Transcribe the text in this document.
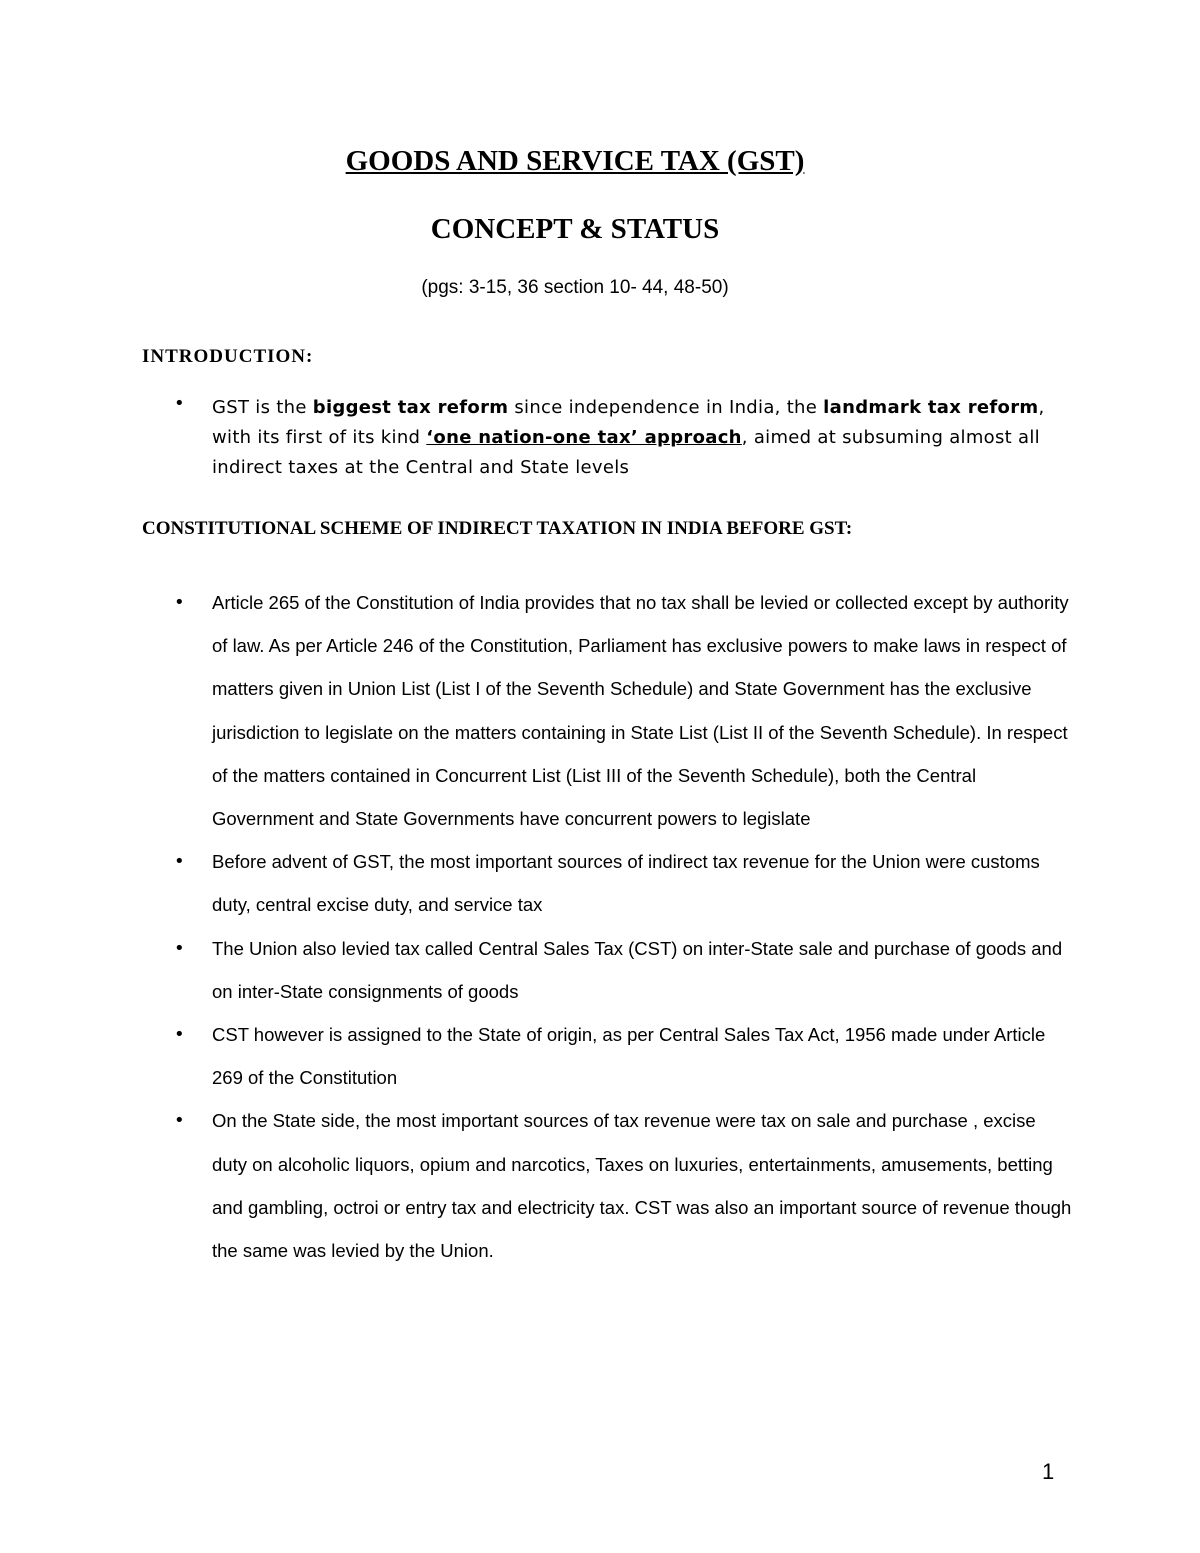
GOODS AND SERVICE TAX (GST)
CONCEPT & STATUS

(pgs: 3-15, 36 section 10- 44, 48-50)

INTRODUCTION:
• GST is the biggest tax reform since independence in India, the landmark tax reform, with its first of its kind ‘one nation-one tax’ approach, aimed at subsuming almost all indirect taxes at the Central and State levels

CONSTITUTIONAL SCHEME OF INDIRECT TAXATION IN INDIA BEFORE GST:
• Article 265 of the Constitution of India provides that no tax shall be levied or collected except by authority of law. As per Article 246 of the Constitution, Parliament has exclusive powers to make laws in respect of matters given in Union List (List I of the Seventh Schedule) and State Government has the exclusive jurisdiction to legislate on the matters containing in State List (List II of the Seventh Schedule). In respect of the matters contained in Concurrent List (List III of the Seventh Schedule), both the Central Government and State Governments have concurrent powers to legislate
• Before advent of GST, the most important sources of indirect tax revenue for the Union were customs duty, central excise duty, and service tax
• The Union also levied tax called Central Sales Tax (CST) on inter-State sale and purchase of goods and on inter-State consignments of goods
• CST however is assigned to the State of origin, as per Central Sales Tax Act, 1956 made under Article 269 of the Constitution
• On the State side, the most important sources of tax revenue were tax on sale and purchase , excise duty on alcoholic liquors, opium and narcotics, Taxes on luxuries, entertainments, amusements, betting and gambling, octroi or entry tax and electricity tax. CST was also an important source of revenue though the same was levied by the Union.

1
